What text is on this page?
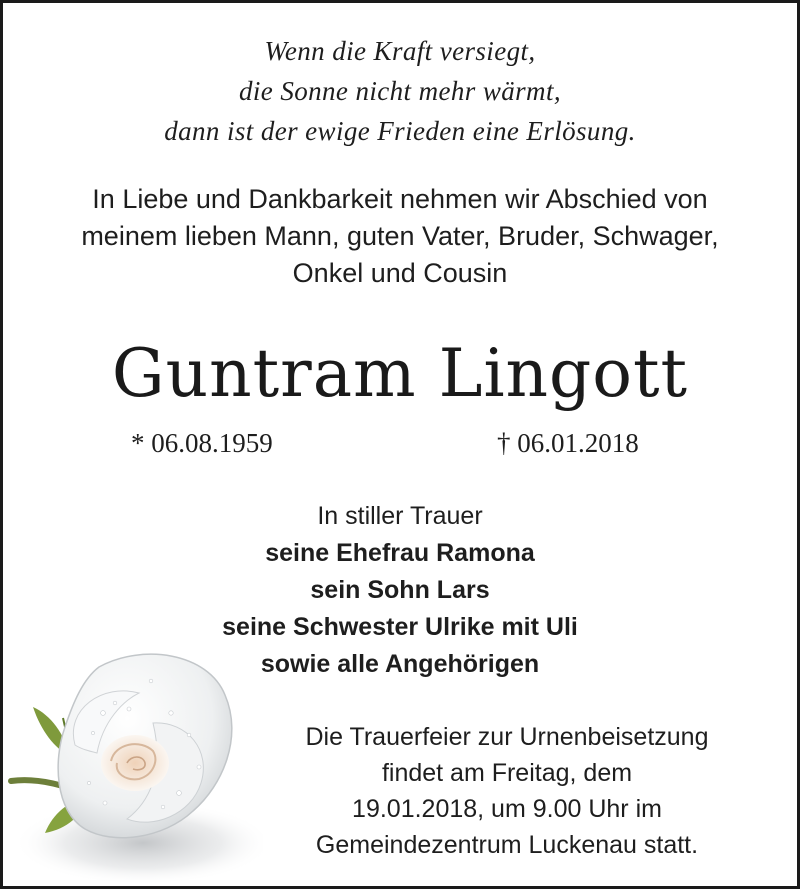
Wenn die Kraft versiegt,
die Sonne nicht mehr wärmt,
dann ist der ewige Frieden eine Erlösung.
In Liebe und Dankbarkeit nehmen wir Abschied von
meinem lieben Mann, guten Vater, Bruder, Schwager,
Onkel und Cousin
Guntram Lingott
* 06.08.1959	† 06.01.2018
In stiller Trauer
seine Ehefrau Ramona
sein Sohn Lars
seine Schwester Ulrike mit Uli
sowie alle Angehörigen
Die Trauerfeier zur Urnenbeisetzung
findet am Freitag, dem
19.01.2018, um 9.00 Uhr im
Gemeindezentrum Luckenau statt.
